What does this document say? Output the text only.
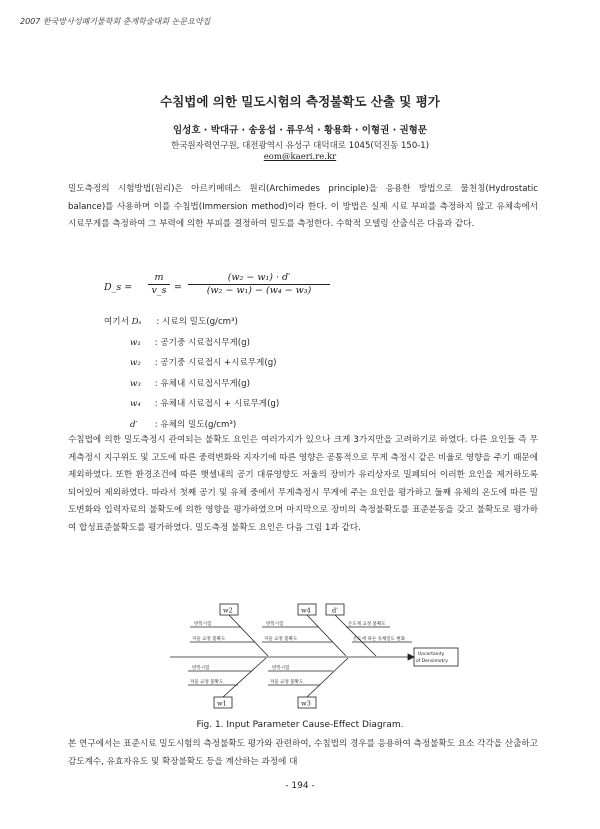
2007 한국방사성폐기물학회 춘계학술대회 논문요약집
수침법에 의한 밀도시험의 측정불확도 산출 및 평가
임성호 · 박대규 · 송웅섭 · 류우석 · 황용화 · 이형권 · 권형문
한국원자력연구원, 대전광역시 유성구 대덕대로 1045(덕진동 150-1)
eom@kaeri.re.kr
밀도측정의 시험방법(원리)은 아르키메데스 원리(Archimedes principle)을 응용한 방법으로 물천칭(Hydrostatic balance)를 사용하며 이를 수침법(Immersion method)이라 한다. 이 방법은 실제 시료 부피를 측정하지 않고 유체속에서 시료무게를 측정하여 그 부력에 의한 부피를 결정하여 밀도를 측정한다. 수학적 모델링 산출식은 다음과 같다.
D_s = $\frac{m}{v\_s} = \frac{\text{(w₂ − w₁) · d′}}{\text{(w₂ − w₁) − (w₄ − w₃)}}$
여기서 Dₛ : 시료의 밀도(g/cm³)
w₁ : 공기중 시료접시무게(g)
w₂ : 공기중 시료접시 +시료무게(g)
w₃ : 유체내 시료접시무게(g)
w₄ : 유체내 시료접시 + 시료무게(g)
d′ : 유체의 밀도(g/cm³)
수침법에 의한 밀도측정시 관여되는 불확도 요인은 여러가지가 있으나 크게 3가지만을 고려하기로 하였다. 다른 요인들 즉 무게측정시 지구위도 및 고도에 따른 중력변화와 지자기에 따른 영향은 공통적으로 무게 측정시 같은 비율로 영향을 주기 때문에 제외하였다. 또한 환경조건에 따른 햇셀내의 공기 대류영향도 저울의 장비가 유리상자로 밀폐되어 이러한 요인을 제거하도록 되어있어 제외하였다. 따라서 첫째 공기 및 유체 중에서 무게측정시 무게에 주는 요인을 평가하고 둘째 유체의 온도에 따른 밀도변화와 입력자료의 불확도에 의한 영향을 평가하였으며 마지막으로 장비의 측정불확도를 표준분동을 갖고 불확도로 평가하여 합성표준불확도를 평가하였다. 밀도측정 불확도 요인은 다음 그림 1과 같다.
w2	w4	d'
w1	w3
Uncertainty
of Densimetry
반복시험
저울 교정 불확도
반복시험
저울 교정 불확도
온도계 교정 불확도
온도에 따른 유체밀도 변화
반복시험
저울 교정 불확도
반복시험
저울 교정 불확도
Fig. 1. Input Parameter Cause-Effect Diagram.
본 연구에서는 표준시료 밀도시험의 측정불확도 평가와 관련하여, 수침법의 경우를 응용하여 측정불확도 요소 각각을 산출하고 감도계수, 유효자유도 및 확장불확도 등을 계산하는 과정에 대
- 194 -
